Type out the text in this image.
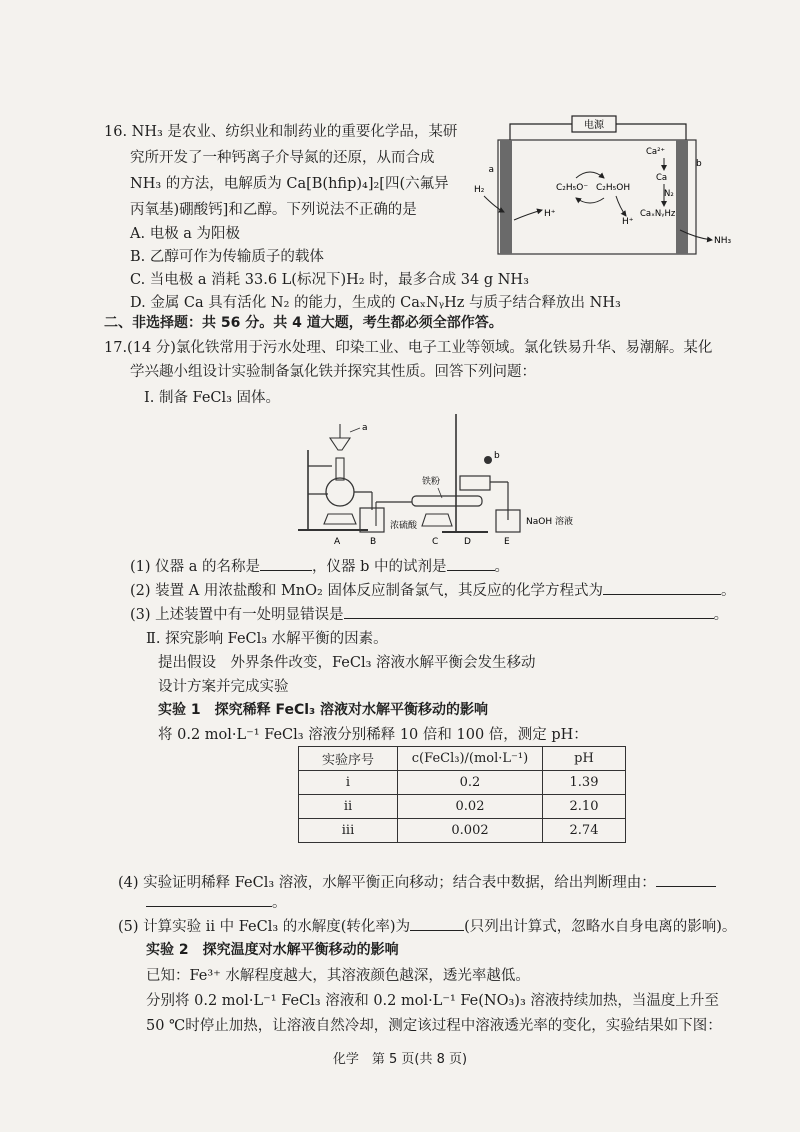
16. NH₃ 是农业、纺织业和制药业的重要化学品，某研
究所开发了一种钙离子介导氮的还原，从而合成
NH₃ 的方法，电解质为 Ca[B(hfip)₄]₂[四(六氟异
丙氧基)硼酸钙]和乙醇。下列说法不正确的是
A. 电极 a 为阳极
B. 乙醇可作为传输质子的载体
C. 当电极 a 消耗 33.6 L(标况下)H₂ 时，最多合成 34 g NH₃
D. 金属 Ca 具有活化 N₂ 的能力，生成的 CaₓNᵧHz 与质子结合释放出 NH₃
电源
a
b
H₂
H⁺
C₂H₅O⁻ C₂H₅OH
H⁺
Ca²⁺
Ca
N₂
CaₓNᵧHz
NH₃
二、非选择题：共 56 分。共 4 道大题，考生都必须全部作答。
17.(14 分)氯化铁常用于污水处理、印染工业、电子工业等领域。氯化铁易升华、易潮解。某化
学兴趣小组设计实验制备氯化铁并探究其性质。回答下列问题：
Ⅰ. 制备 FeCl₃ 固体。
a
浓硫酸
铁粉
b
NaOH 溶液
A	B	C	D	E
(1) 仪器 a 的名称是	，仪器 b 中的试剂是	。
(2) 装置 A 用浓盐酸和 MnO₂ 固体反应制备氯气，其反应的化学方程式为	。
(3) 上述装置中有一处明显错误是	。
Ⅱ. 探究影响 FeCl₃ 水解平衡的因素。
提出假设　外界条件改变，FeCl₃ 溶液水解平衡会发生移动
设计方案并完成实验
实验 1　探究稀释 FeCl₃ 溶液对水解平衡移动的影响
将 0.2 mol·L⁻¹ FeCl₃ 溶液分别稀释 10 倍和 100 倍，测定 pH：
实验序号	c(FeCl₃)/(mol·L⁻¹)	pH
i	0.2	1.39
ii	0.02	2.10
iii	0.002	2.74
(4) 实验证明稀释 FeCl₃ 溶液，水解平衡正向移动；结合表中数据，给出判断理由：
。
(5) 计算实验 ii 中 FeCl₃ 的水解度(转化率)为	(只列出计算式，忽略水自身电离的影响)。
实验 2　探究温度对水解平衡移动的影响
已知：Fe³⁺ 水解程度越大，其溶液颜色越深，透光率越低。
分别将 0.2 mol·L⁻¹ FeCl₃ 溶液和 0.2 mol·L⁻¹ Fe(NO₃)₃ 溶液持续加热，当温度上升至
50 ℃时停止加热，让溶液自然冷却，测定该过程中溶液透光率的变化，实验结果如下图：
化学　第 5 页(共 8 页)
